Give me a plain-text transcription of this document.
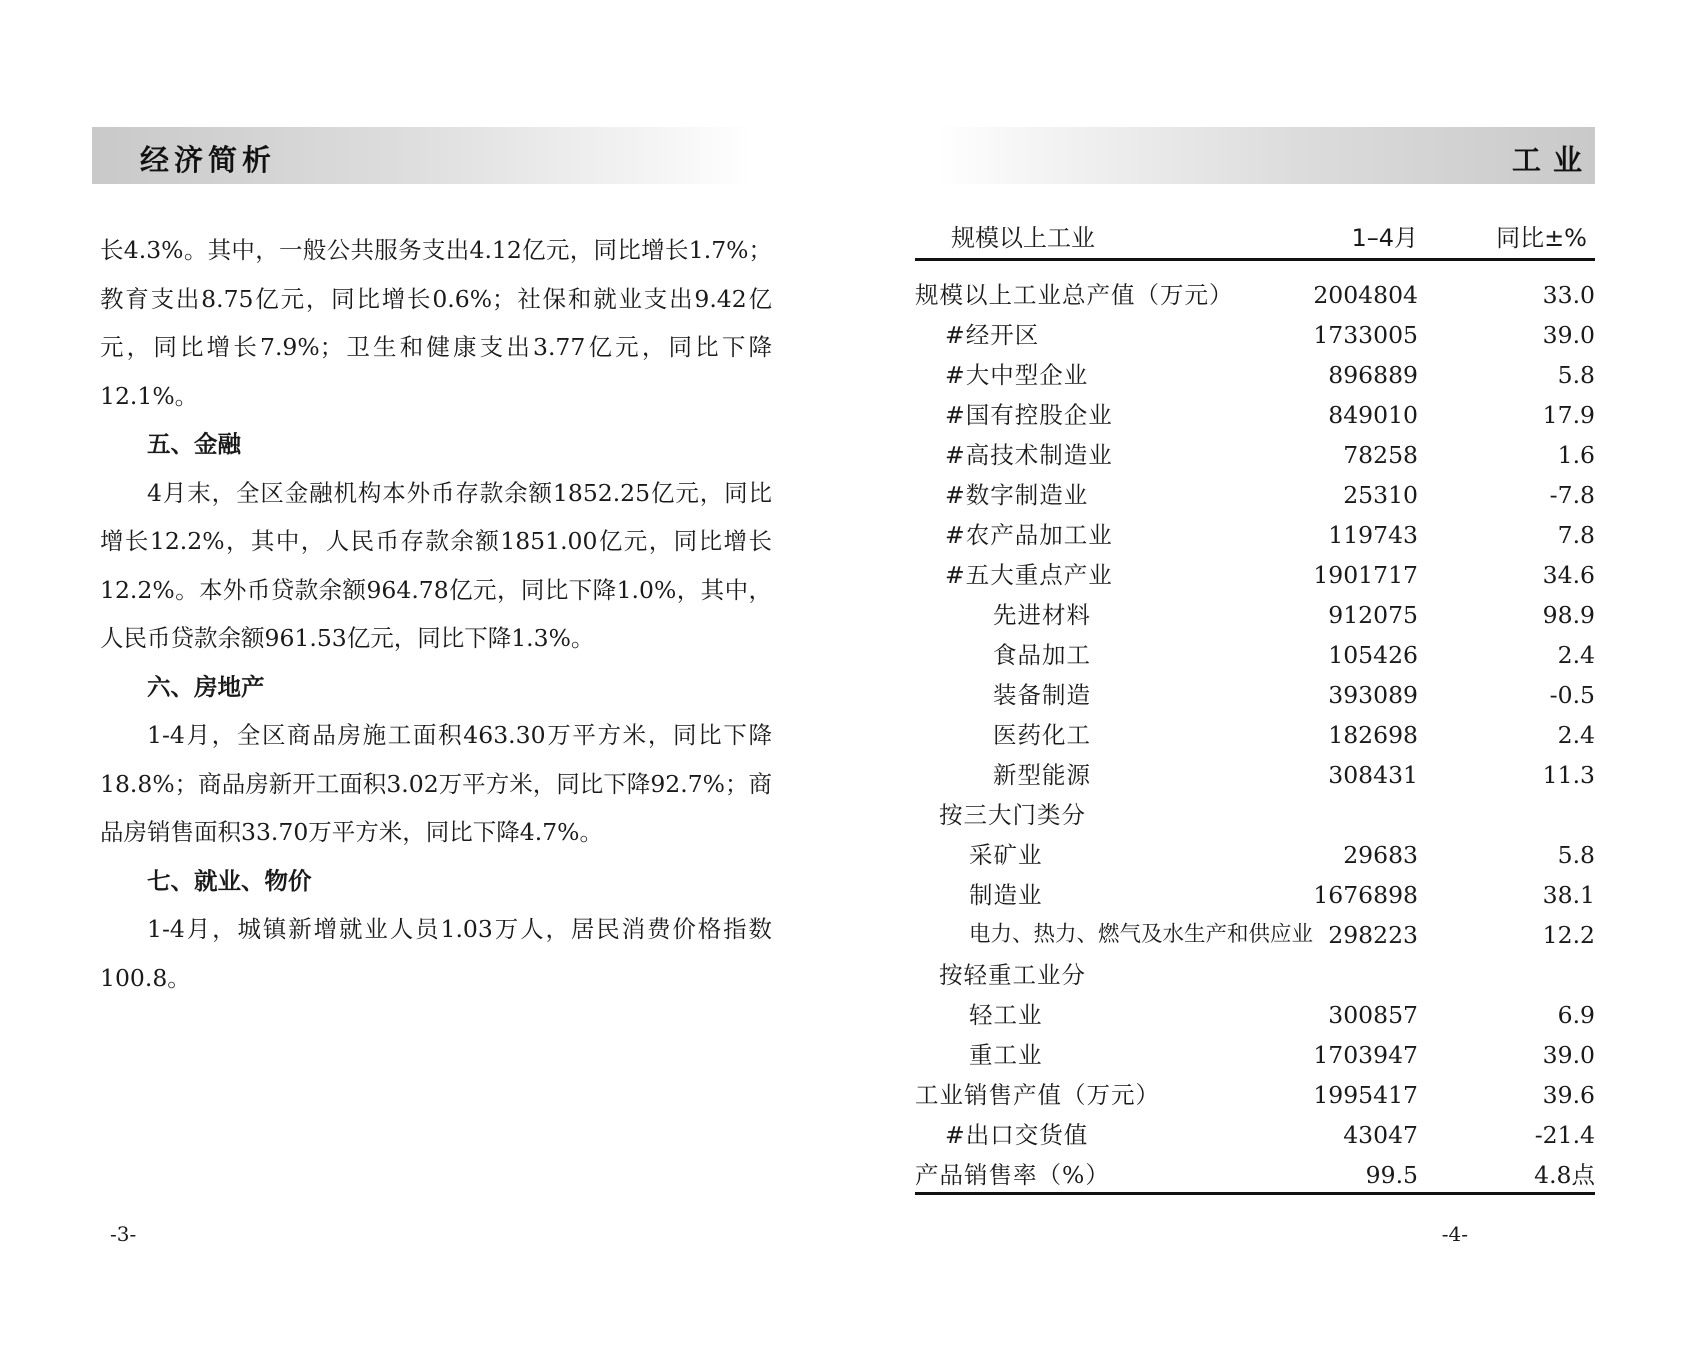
经济简析

长4.3%。其中，一般公共服务支出4.12亿元，同比增长1.7%；教育支出8.75亿元，同比增长0.6%；社保和就业支出9.42亿元，同比增长7.9%；卫生和健康支出3.77亿元，同比下降12.1%。

五、金融

4月末，全区金融机构本外币存款余额1852.25亿元，同比增长12.2%，其中，人民币存款余额1851.00亿元，同比增长12.2%。本外币贷款余额964.78亿元，同比下降1.0%，其中，人民币贷款余额961.53亿元，同比下降1.3%。

六、房地产

1-4月，全区商品房施工面积463.30万平方米，同比下降18.8%；商品房新开工面积3.02万平方米，同比下降92.7%；商品房销售面积33.70万平方米，同比下降4.7%。

七、就业、物价

1-4月，城镇新增就业人员1.03万人，居民消费价格指数100.8。

-3-
工业
规模以上工业	1–4月	同比±%
规模以上工业总产值（万元）	2004804	33.0
#经开区	1733005	39.0
#大中型企业	896889	5.8
#国有控股企业	849010	17.9
#高技术制造业	78258	1.6
#数字制造业	25310	-7.8
#农产品加工业	119743	7.8
#五大重点产业	1901717	34.6
先进材料	912075	98.9
食品加工	105426	2.4
装备制造	393089	-0.5
医药化工	182698	2.4
新型能源	308431	11.3
按三大门类分
采矿业	29683	5.8
制造业	1676898	38.1
电力、热力、燃气及水生产和供应业 298223	12.2
按轻重工业分
轻工业	300857	6.9
重工业	1703947	39.0
工业销售产值（万元）	1995417	39.6
#出口交货值	43047	-21.4
产品销售率（%）	99.5	4.8点
-4-
